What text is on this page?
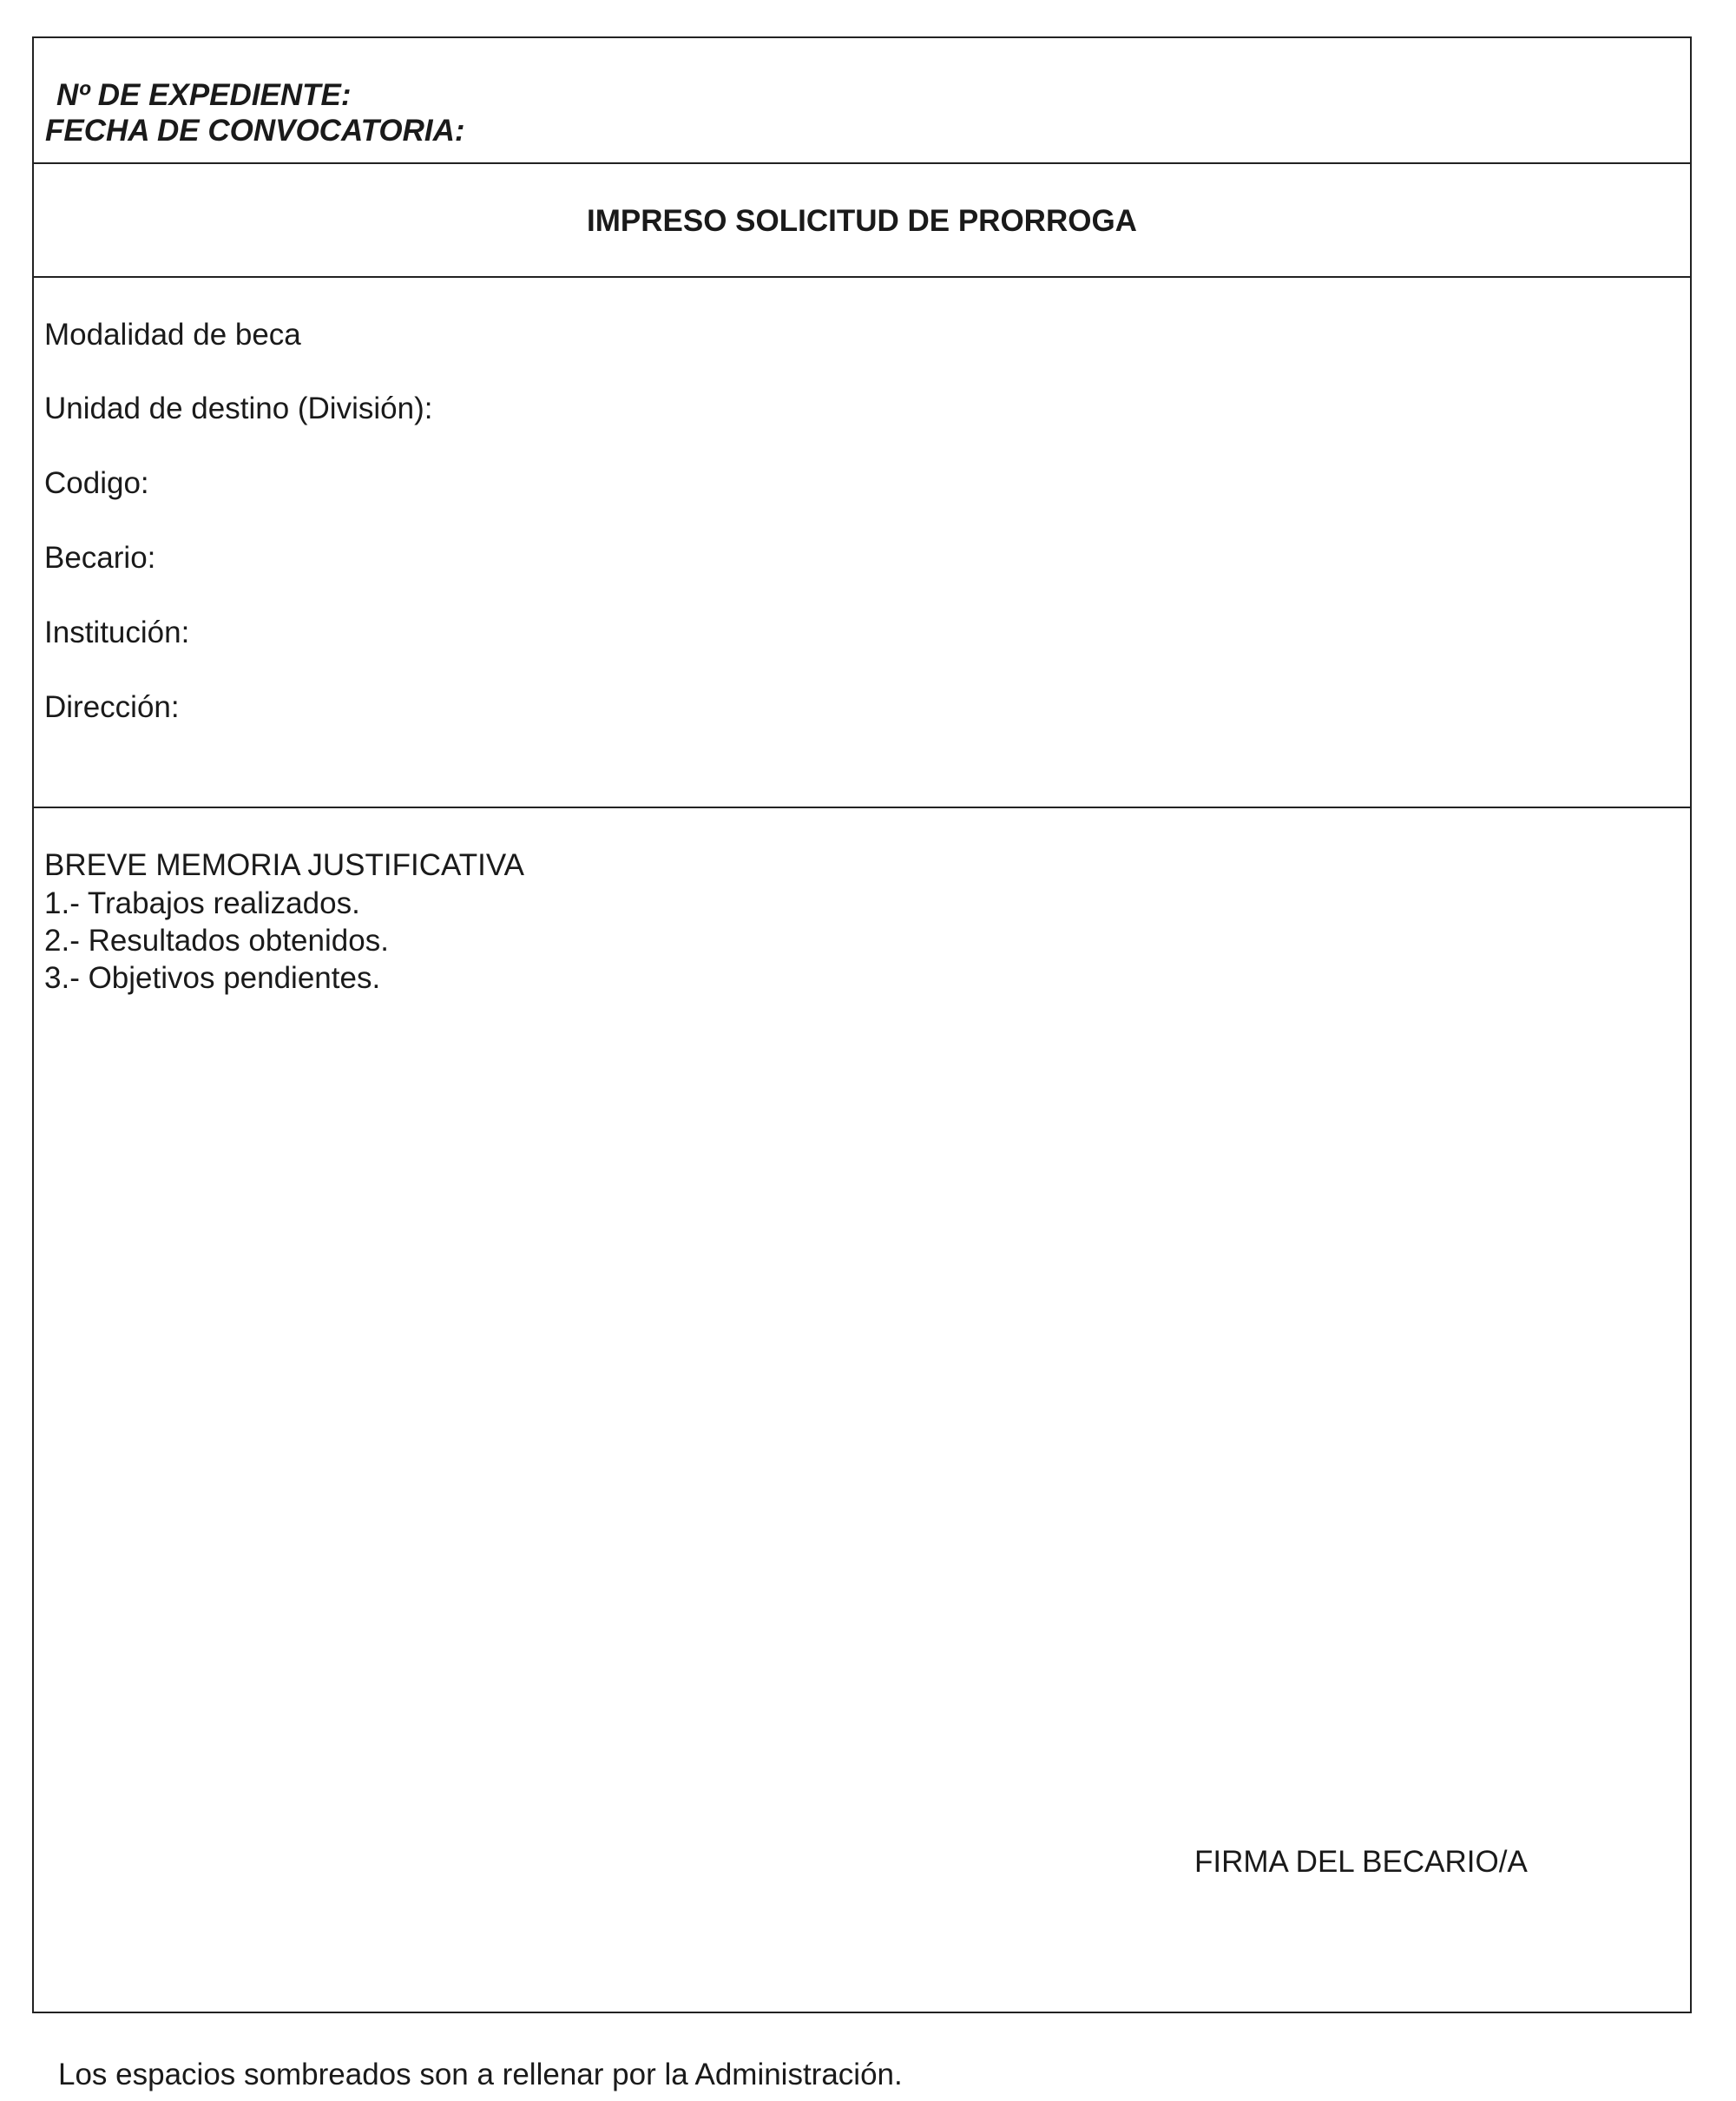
Nº DE EXPEDIENTE:
FECHA DE CONVOCATORIA:
IMPRESO SOLICITUD DE PRORROGA
Modalidad de beca
Unidad de destino (División):
Codigo:
Becario:
Institución:
Dirección:
BREVE MEMORIA JUSTIFICATIVA
1.- Trabajos realizados.
2.- Resultados obtenidos.
3.- Objetivos pendientes.
FIRMA DEL BECARIO/A
Los espacios sombreados son a rellenar por la Administración.
